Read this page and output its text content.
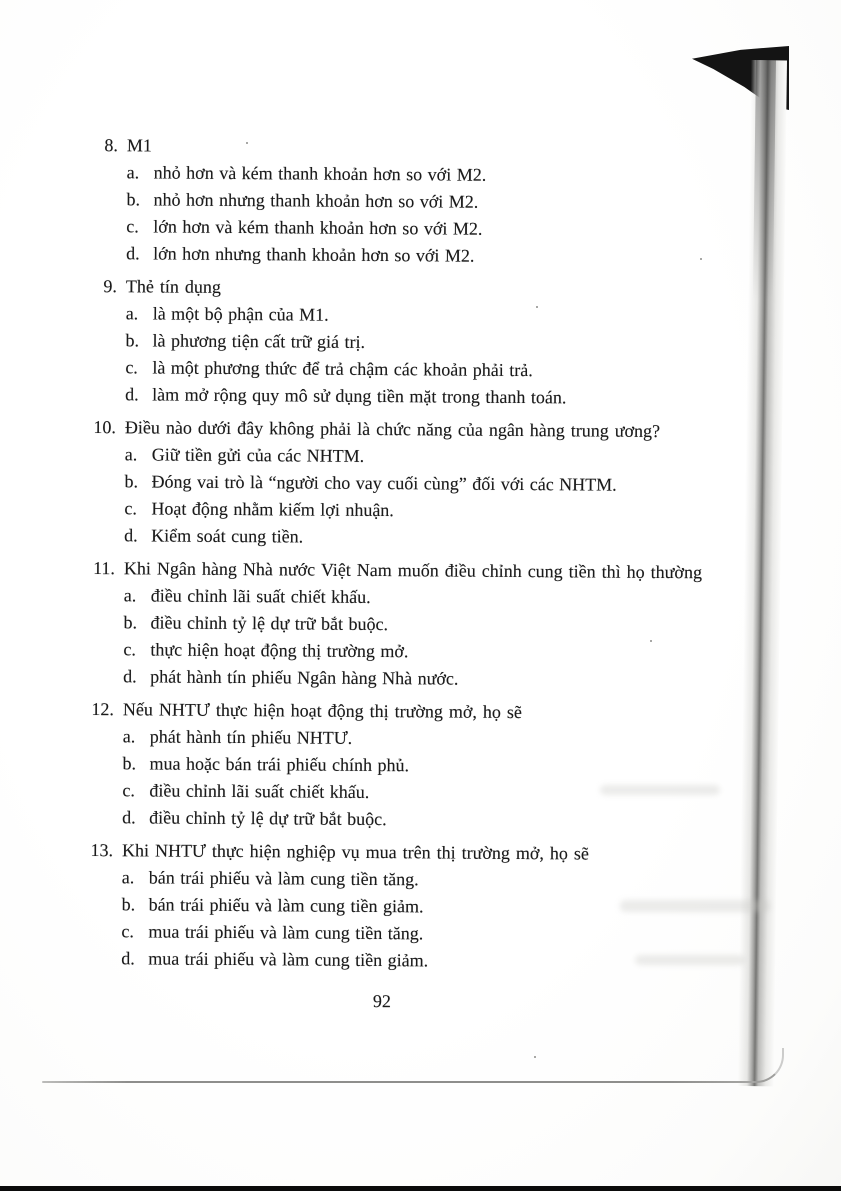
8. M1
a. nhỏ hơn và kém thanh khoản hơn so với M2.
b. nhỏ hơn nhưng thanh khoản hơn so với M2.
c. lớn hơn và kém thanh khoản hơn so với M2.
d. lớn hơn nhưng thanh khoản hơn so với M2.
9. Thẻ tín dụng
a. là một bộ phận của M1.
b. là phương tiện cất trữ giá trị.
c. là một phương thức để trả chậm các khoản phải trả.
d. làm mở rộng quy mô sử dụng tiền mặt trong thanh toán.
10. Điều nào dưới đây không phải là chức năng của ngân hàng trung ương?
a. Giữ tiền gửi của các NHTM.
b. Đóng vai trò là “người cho vay cuối cùng” đối với các NHTM.
c. Hoạt động nhằm kiếm lợi nhuận.
d. Kiểm soát cung tiền.
11. Khi Ngân hàng Nhà nước Việt Nam muốn điều chỉnh cung tiền thì họ thường
a. điều chỉnh lãi suất chiết khấu.
b. điều chỉnh tỷ lệ dự trữ bắt buộc.
c. thực hiện hoạt động thị trường mở.
d. phát hành tín phiếu Ngân hàng Nhà nước.
12. Nếu NHTƯ thực hiện hoạt động thị trường mở, họ sẽ
a. phát hành tín phiếu NHTƯ.
b. mua hoặc bán trái phiếu chính phủ.
c. điều chỉnh lãi suất chiết khấu.
d. điều chỉnh tỷ lệ dự trữ bắt buộc.
13. Khi NHTƯ thực hiện nghiệp vụ mua trên thị trường mở, họ sẽ
a. bán trái phiếu và làm cung tiền tăng.
b. bán trái phiếu và làm cung tiền giảm.
c. mua trái phiếu và làm cung tiền tăng.
d. mua trái phiếu và làm cung tiền giảm.
92
